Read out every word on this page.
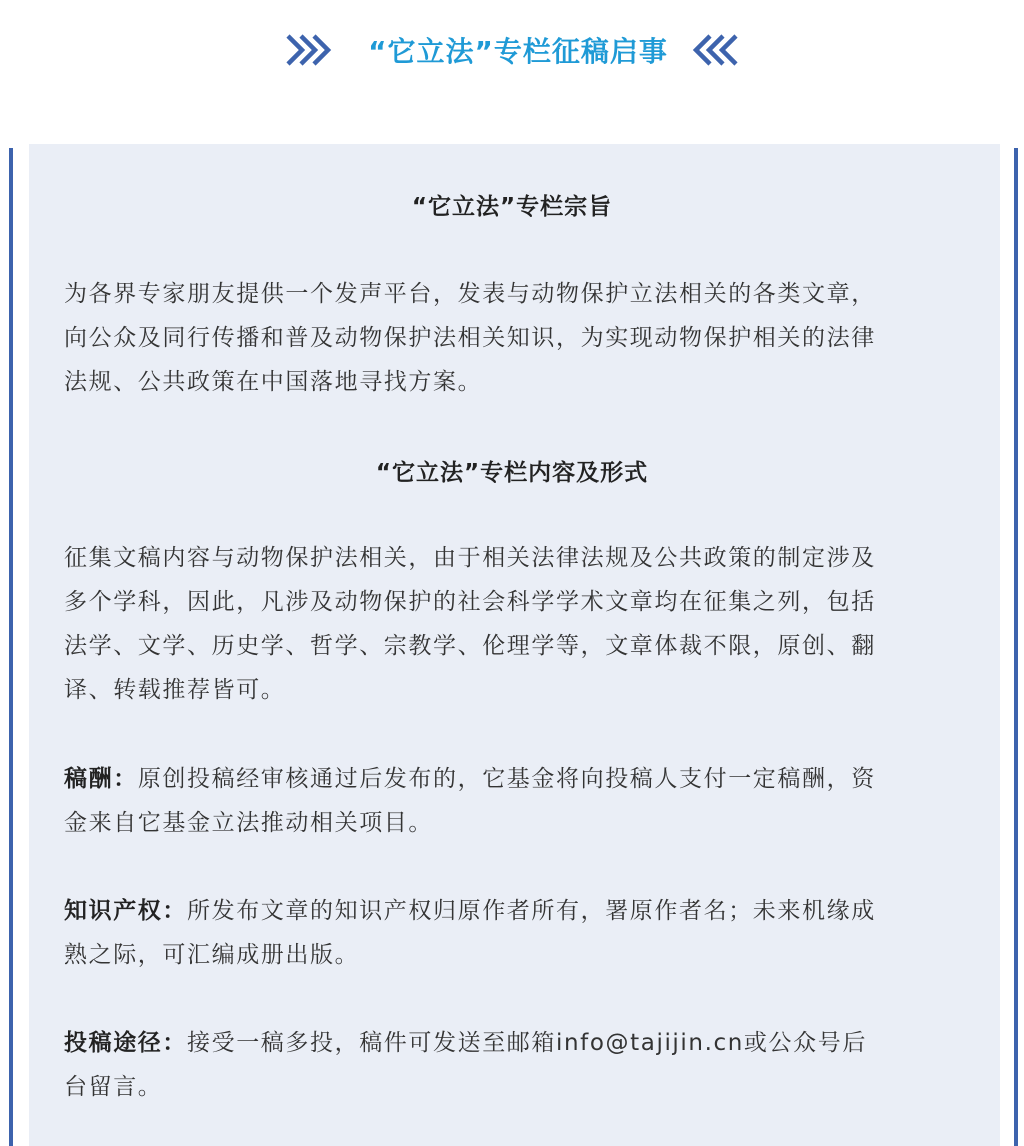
“它立法”专栏征稿启事
“它立法”专栏宗旨
为各界专家朋友提供一个发声平台，发表与动物保护立法相关的各类文章，
向公众及同行传播和普及动物保护法相关知识，为实现动物保护相关的法律
法规、公共政策在中国落地寻找方案。
“它立法”专栏内容及形式
征集文稿内容与动物保护法相关，由于相关法律法规及公共政策的制定涉及
多个学科，因此，凡涉及动物保护的社会科学学术文章均在征集之列，包括
法学、文学、历史学、哲学、宗教学、伦理学等，文章体裁不限，原创、翻
译、转载推荐皆可。
稿酬：原创投稿经审核通过后发布的，它基金将向投稿人支付一定稿酬，资
金来自它基金立法推动相关项目。
知识产权：所发布文章的知识产权归原作者所有，署原作者名；未来机缘成
熟之际，可汇编成册出版。
投稿途径：接受一稿多投，稿件可发送至邮箱info@tajijin.cn或公众号后
台留言。
